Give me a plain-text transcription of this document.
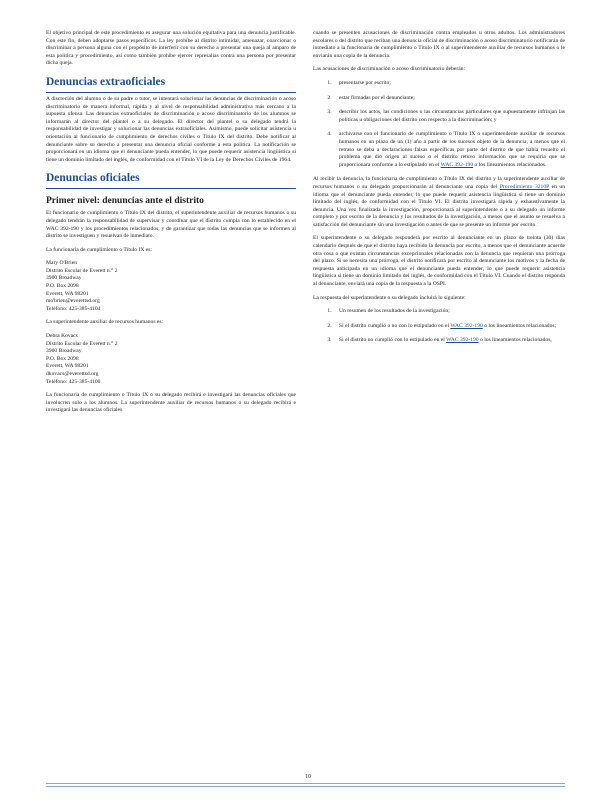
El objetivo principal de este procedimiento es asegurar una solución equitativa para una denuncia justificable. Con este fin, deben adoptarse pasos específicos. La ley prohíbe al distrito intimidar, amenazar, coaccionar o discriminar a persona alguna con el propósito de interferir con su derecho a presentar una queja al amparo de esta política y procedimiento, así como también prohíbe ejercer represalias contra una persona por presentar dicha queja.

Denuncias extraoficiales

A discreción del alumno o de su padre o tutor, se intentará solucionar las denuncias de discriminación o acoso discriminatorio de manera informal, rápida y al nivel de responsabilidad administrativa más cercano a la supuesta ofensa. Las denuncias extraoficiales de discriminación o acoso discriminatorio de los alumnos se informarán al director del plantel o a su delegado. El director del plantel o su delegado tendrá la responsabilidad de investigar y solucionar las denuncias extraoficiales. Asimismo, puede solicitar asistencia u orientación al funcionario de cumplimiento de derechos civiles o Título IX del distrito. Debe notificar al denunciante sobre su derecho a presentar una denuncia oficial conforme a esta política. La notificación se proporcionará en un idioma que el denunciante pueda entender, lo que puede requerir asistencia lingüística si tiene un dominio limitado del inglés, de conformidad con el Título VI de la Ley de Derechos Civiles de 1964.

Denuncias oficiales
Primer nivel: denuncias ante el distrito

El funcionario de cumplimiento o Título IX del distrito, el superintendente auxiliar de recursos humanos o su delegado tendrán la responsabilidad de supervisar y coordinar que el distrito cumpla con lo establecido en el WAC 392-190 y los procedimientos relacionados, y de garantizar que todas las denuncias que se informen al distrito se investiguen y resuelvan de inmediato.

La funcionaria de cumplimiento o Título IX es:

Mary O'Brien
Distrito Escolar de Everett n.° 2
3900 Broadway
P.O. Box 2098
Everett, WA 98201
mo'brien@everettsd.org
Teléfono: 425-385-4104

La superintendente auxiliar de recursos humanos es:

Debra Kovacs
Distrito Escolar de Everett n.° 2
3900 Broadway
P.O. Box 2098
Everett, WA 98201
dkovacs@everettsd.org
Teléfono: 425-385-4100

La funcionaria de cumplimiento o Título IX o su delegado recibirá e investigará las denuncias oficiales que involucren solo a los alumnos. La superintendente auxiliar de recursos humanos o su delegado recibirá e investigará las denuncias oficiales

cuando se presenten acusaciones de discriminación contra empleados u otros adultos. Los administradores escolares o del distrito que reciban una denuncia oficial de discriminación o acoso discriminatorio notificarán de inmediato a la funcionaria de cumplimiento o Título IX o al superintendente auxiliar de recursos humanos o le enviarán una copia de la denuncia.

Las acusaciones de discriminación o acoso discriminatorio deberán:

1. presentarse por escrito;
2. estar firmadas por el denunciante;
3. describir los actos, las condiciones o las circunstancias particulares que supuestamente infrinjan las políticas u obligaciones del distrito con respecto a la discriminación; y
4. archivarse con el funcionario de cumplimiento o Título IX o superintendente auxiliar de recursos humanos en un plazo de un (1) año a partir de los sucesos objeto de la denuncia, a menos que el retraso se deba a declaraciones falsas específicas por parte del distrito de que había resuelto el problema que dio origen al suceso o el distrito retuvo información que se requiría que se proporcionara conforme a lo estipulado en el WAC 392-190 o los lineamientos relacionados.

Al recibir la denuncia, la funcionaria de cumplimiento o Título IX del distrito y la superintendente auxiliar de recursos humanos o su delegado proporcionarán al denunciante una copia del Procedimiento 3210P en un idioma que el denunciante pueda entender, lo que puede requerir asistencia lingüística si tiene un dominio limitado del inglés, de conformidad con el Título VI. El distrito investigará rápida y exhaustivamente la denuncia. Una vez finalizada la investigación, proporcionará al superintendente o a su delegado un informe completo y por escrito de la denuncia y los resultados de la investigación, a menos que el asunto se resuelva a satisfacción del denunciante sin una investigación o antes de que se presente un informe por escrito.

El superintendente o su delegado responderá por escrito al denunciante en un plazo de treinta (30) días calendario después de que el distrito haya recibido la denuncia por escrito, a menos que el denunciante acuerde otra cosa o que existan circunstancias excepcionales relacionadas con la denuncia que requieran una prórroga del plazo. Si se necesita una prórroga, el distrito notificará por escrito al denunciante los motivos y la fecha de respuesta anticipada en un idioma que el denunciante pueda entender, lo que puede requerir asistencia lingüística si tiene un dominio limitado del inglés, de conformidad con el Título VI. Cuando el distrito responda al denunciante, enviará una copia de la respuesta a la OSPI.

La respuesta del superintendente o su delegado incluirá lo siguiente:

1. Un resumen de los resultados de la investigación;
2. Si el distrito cumplió o no con lo estipulado en el WAC 392-190 o los lineamientos relacionados;
3. Si el distrito no cumplió con lo estipulado en el WAC 392-190 o los lineamientos relacionados,
10
